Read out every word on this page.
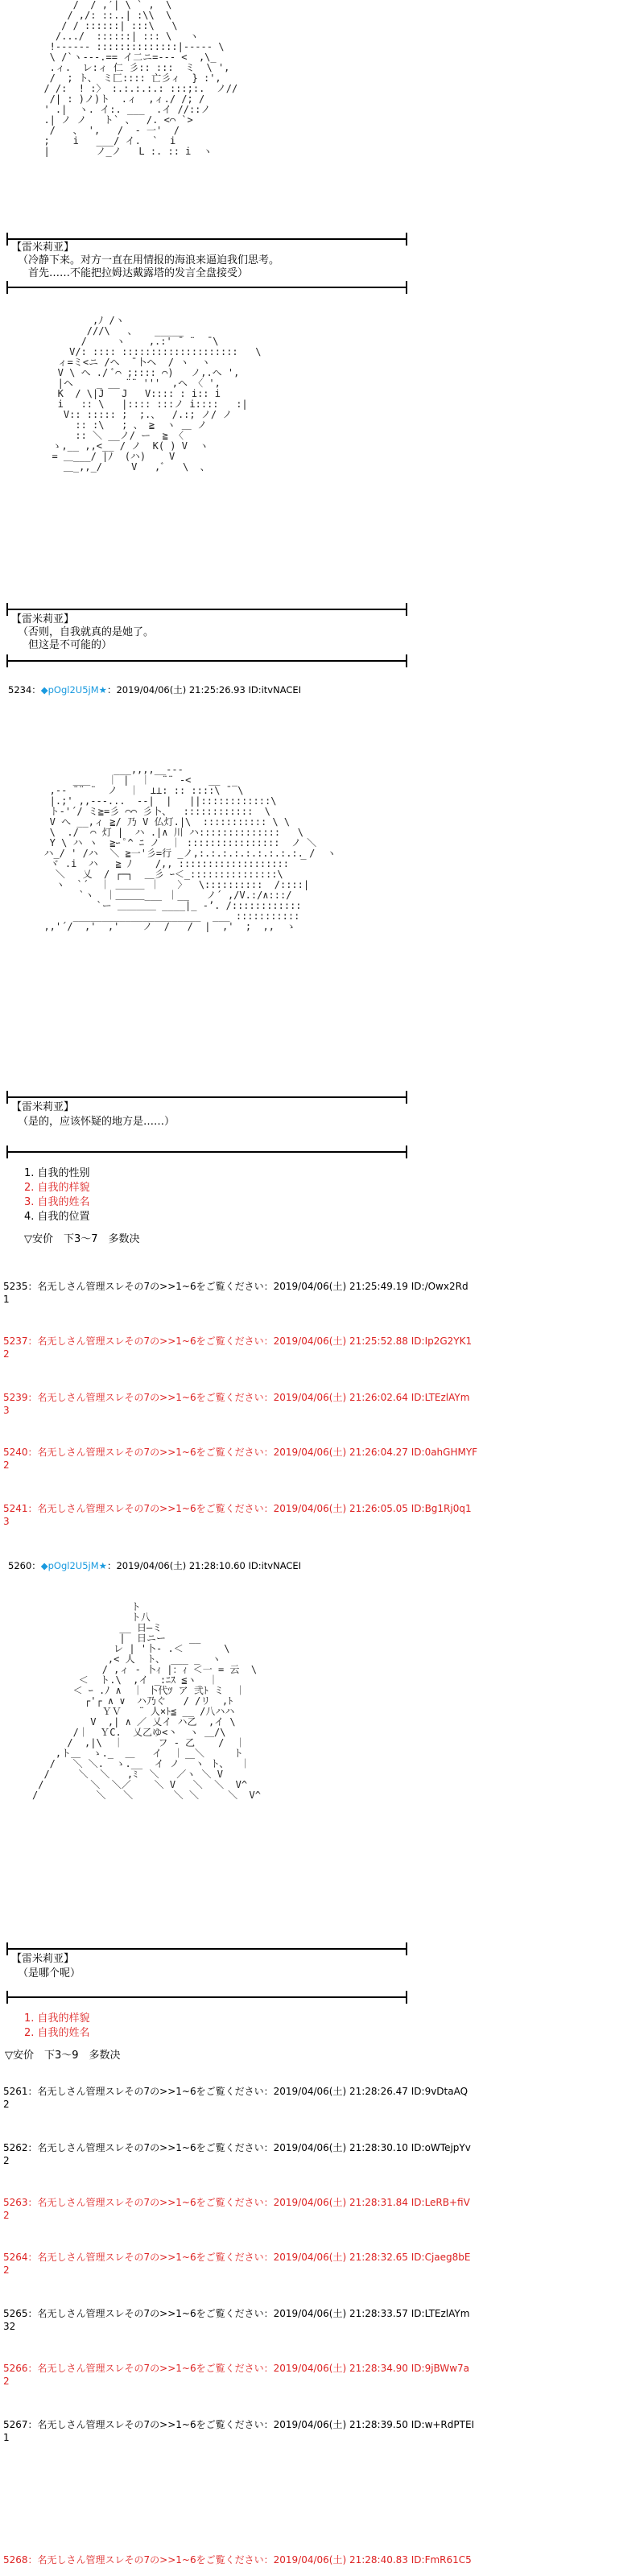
/  / ,′| \ ` ,  \
/ ,/: ::..| :\\  \
/ / ::::::| :::\   \
/.../  ::::::| ::: \   ヽ
!------ ::::::::::::::|----- \
\ /`ヽ---.== イ二ニ=--- <  ,\_
.ィ.  レ:ィ 仁 彡:: :::  ミ  \ ',
/  ; ト、 ミ匚:::: 亡彡ィ  } :',
/ /:  ! :〉 :.:.:.:.: :::;:.  ノ//
/| : )ノ)ト  .ィ  ,ィ./ /; /
' .|  ヽ. イ:. ___  .イ //::ノ
.| ノ ノ   ト` 、  /. <⌒ `>
/   、 ',   /  - 一'  /
;    i   ___/ イ.  `  i
|        ノ_ノ   L :. :: i  ヽ
【雷米莉亚】
（冷静下来。对方一直在用情报的海浪来逼迫我们思考。
　首先……不能把拉姆达戴露塔的发言全盘接受）
,ﾉ /ヽ
///\   、   _____
/     ヽ    ,.:' ̄  ¨  ̄ \
V/: :::: ::::::::::::::::::::   \
ィ=ミ<ニ /へ  ̄ 卜ヘ  / ヽ  ヽ
V \ ヘ ./ ﾞ⌒ ;:::: ⌒)   ノ,.ヘ ',
|ヘ    _ __ ¨¨ '''  ,ヘ 〈 ',
K  / \|J   J   V:::: : i:: i
i   :: \   |:::: :::ノ i::::   :|
V:: ::::: ;  ;.、  /.:; ノ/ ノ
:: :\   ; 、 ≧  ヽ ＿ ノ
:: ＼ __ノ/ ー  ≧ 〈
ゝ,__ ,,<__ / ノ  K( ) V  ヽ
= ＿___/ |ﾉ  (ハ)    V
＿_,,_/     V   ,ﾞ   \  、
【雷米莉亚】
（否则，自我就真的是她了。
　但这是不可能的）
5234：◆pOgl2U5jM★：2019/04/06(土) 21:25:26.93 ID:itvNACEI
___,,,,__---
___   ｜ |  ｜  ¨¨ ‐<   __
,-‐ ¨¨ ¨  ノ  ｜  ⊥⊥: :: ::::\ ̄ ‾\
|.;' ,,---...  --|  |   ||::::::::::::\
ト-'´/ ミ≧=彡 ⌒⌒ 彡卜、  ::::::::::::  \
V へ __,ィ ≧/ 乃 V 仏灯.|\  ::::::::::: \ \
\  ./  ⌒ 灯 |  ハ .|∧ 川 ハ::::::::::::::   \
Y \ ハ ヽ  ≧ｰ ﾟ^ ﾆ ノ  ｜ ::::::::::::::::  ノ ＼
ハ_/ ' /ハ  ＼ ≧一'彡=行 _ノ,:.:.:.:.:.:.:.:.:. /  ヽ
ヾ .i  ハ   ≧ ﾉ    /,, :::::::::::::::::::  ‾
＼   乂  / ┌─┐  ＿彡 ｰ＜_:::::::::::::::\
ヽ  `´  ｜ ＿＿＿ ｜   〉  \::::::::::  /::::|
`ヽ  ｜＿＿＿___ ｜__   ノ´ ,/V.:/∧:::/
`ー ＿＿＿＿ ____|_ ‐’. /::::::::::::
______________________  ___ :::::::::::
,,'´/  ,'  ,'    ノ  /   /  |  ,'  ;  ,,  ゝ
【雷米莉亚】
（是的，应该怀疑的地方是……）
1. 自我的性别
2. 自我的样貌
3. 自我的姓名
4. 自我的位置
▽安价　下3～7　多数决
5235：名无しさん管理スレその7の>>1~6をご覧ください：2019/04/06(土) 21:25:49.19 ID:/Owx2Rd
1
5237：名无しさん管理スレその7の>>1~6をご覧ください：2019/04/06(土) 21:25:52.88 ID:Ip2G2YK1
2
5239：名无しさん管理スレその7の>>1~6をご覧ください：2019/04/06(土) 21:26:02.64 ID:LTEzlAYm
3
5240：名无しさん管理スレその7の>>1~6をご覧ください：2019/04/06(土) 21:26:04.27 ID:0ahGHMYF
2
5241：名无しさん管理スレその7の>>1~6をご覧ください：2019/04/06(土) 21:26:05.05 ID:Bg1Rj0q1
3
5260：◆pOgl2U5jM★：2019/04/06(土) 21:28:10.60 ID:itvNACEI
ト
ト八
__ 日―ミ
|  日ニー    __
レ | '卜‐ .＜       \
,< 人  ト、 ___ _  ヽ
/ ,ィ ‐ 卜ｨ |：ｨ ＜一 = 云  \
＜  ト.\  ,イ _:ﾆｽ ≦ヽ  ｜
＜ ｰ .ﾉ ∧  ｜ 卜代ﾂ ア 弐ﾄ ミ  ｜
┌'┌ ∧ ∨  ハ乃ぐ   / /リ  ,ﾄ
ＹＶ   ¨ 人×ﾄ≦ __ /八ハハ
V  ,| ∧ ／ 乂イ ハ乙  ,イ \
/｜  ＹC.  乂乙ゆ<丶  ヽ ＿/\
/  ,|\  ｜      フ - 乙    /  ｜
,ト＿  ゝ._  ＿   イ  ｜  ＼     ト
/   ＼ ＼.  ゝ.__  イ ノ ￣ヽ ト、  ｜
/     ＼  ＼   ,ﾐ  ＼   ／ヽ ＼ V
/        ＼  ＼／    ＼ V   ＼  ＼  V^
/          ＼   ＼       ＼ ＼     ＼  V^
【雷米莉亚】
（是哪个呢）
1. 自我的样貌
2. 自我的姓名
▽安价　下3～9　多数决
5261：名无しさん管理スレその7の>>1~6をご覧ください：2019/04/06(土) 21:28:26.47 ID:9vDtaAQ
2
5262：名无しさん管理スレその7の>>1~6をご覧ください：2019/04/06(土) 21:28:30.10 ID:oWTejpYv
2
5263：名无しさん管理スレその7の>>1~6をご覧ください：2019/04/06(土) 21:28:31.84 ID:LeRB+fiV
2
5264：名无しさん管理スレその7の>>1~6をご覧ください：2019/04/06(土) 21:28:32.65 ID:Cjaeg8bE
2
5265：名无しさん管理スレその7の>>1~6をご覧ください：2019/04/06(土) 21:28:33.57 ID:LTEzlAYm
32
5266：名无しさん管理スレその7の>>1~6をご覧ください：2019/04/06(土) 21:28:34.90 ID:9jBWw7a
2
5267：名无しさん管理スレその7の>>1~6をご覧ください：2019/04/06(土) 21:28:39.50 ID:w+RdPTEI
1
5268：名无しさん管理スレその7の>>1~6をご覧ください：2019/04/06(土) 21:28:40.83 ID:FmR61C5
